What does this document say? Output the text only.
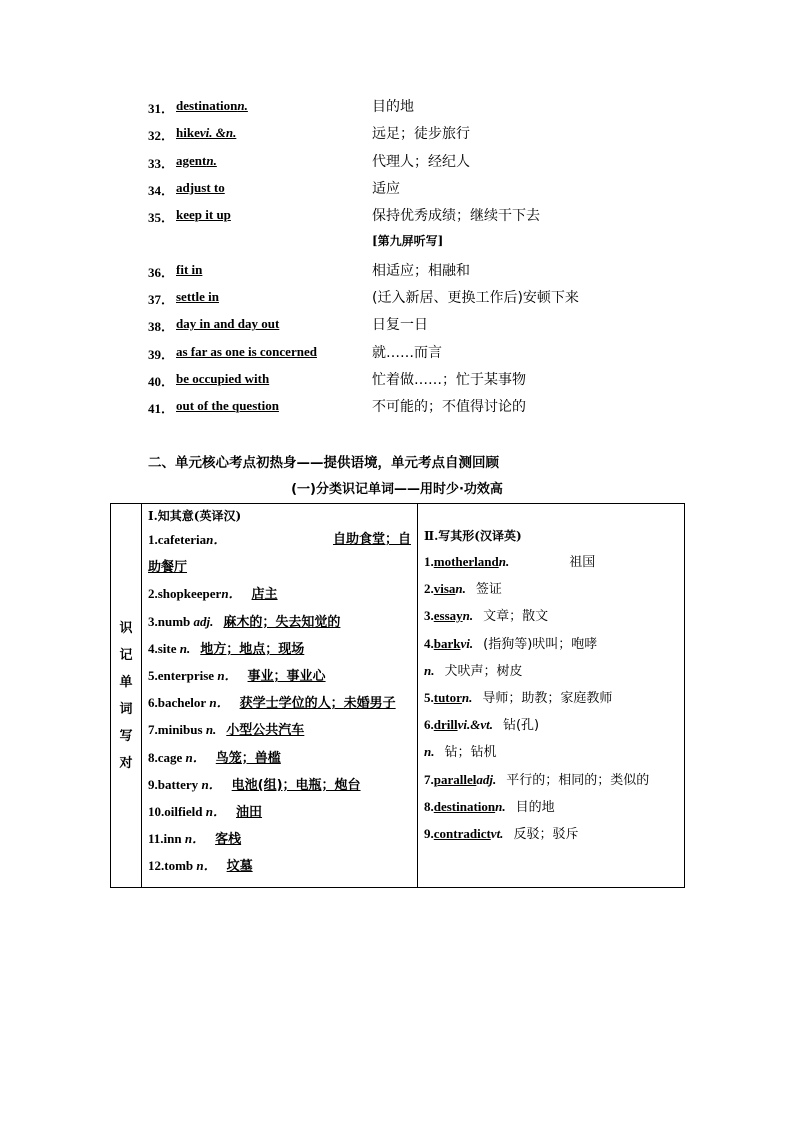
31． destinationn.	目的地
32． hikevi. &n.	远足；徒步旅行
33． agentn.	代理人；经纪人
34． adjust to	适应
35． keep it up	保持优秀成绩；继续干下去
[第九屏听写]
36． fit in	相适应；相融和
37． settle in	(迁入新居、更换工作后)安顿下来
38． day in and day out	日复一日
39． as far as one is concerned	就……而言
40． be occupied with	忙着做……；忙于某事物
41． out of the question	不可能的；不值得讨论的
二、单元核心考点初热身——提供语境，单元考点自测回顾
(一)分类识记单词——用时少·功效高
识
记
单
词
写
对

Ⅰ.知其意(英译汉)
1.cafeterian．	自助食堂；自
助餐厅
2.shopkeepern． 店主
3.numb adj. 麻木的；失去知觉的
4.site n. 地方；地点；现场
5.enterprise n． 事业；事业心
6.bachelor n． 获学士学位的人；未婚男子
7.minibus n. 小型公共汽车
8.cage n． 鸟笼；兽槛
9.battery n． 电池(组)；电瓶；炮台
10.oilfield n． 油田
11.inn n． 客栈
12.tomb n． 坟墓

Ⅱ.写其形(汉译英)
1.motherlandn.	祖国
2.visan. 签证
3.essayn. 文章；散文
4.barkvi. (指狗等)吠叫；咆哮
n. 犬吠声；树皮
5.tutorn. 导师；助教；家庭教师
6.drillvi.&vt. 钻(孔)
n. 钻；钻机
7.paralleladj. 平行的；相同的；类似的
8.destinationn. 目的地
9.contradictvt. 反驳；驳斥
